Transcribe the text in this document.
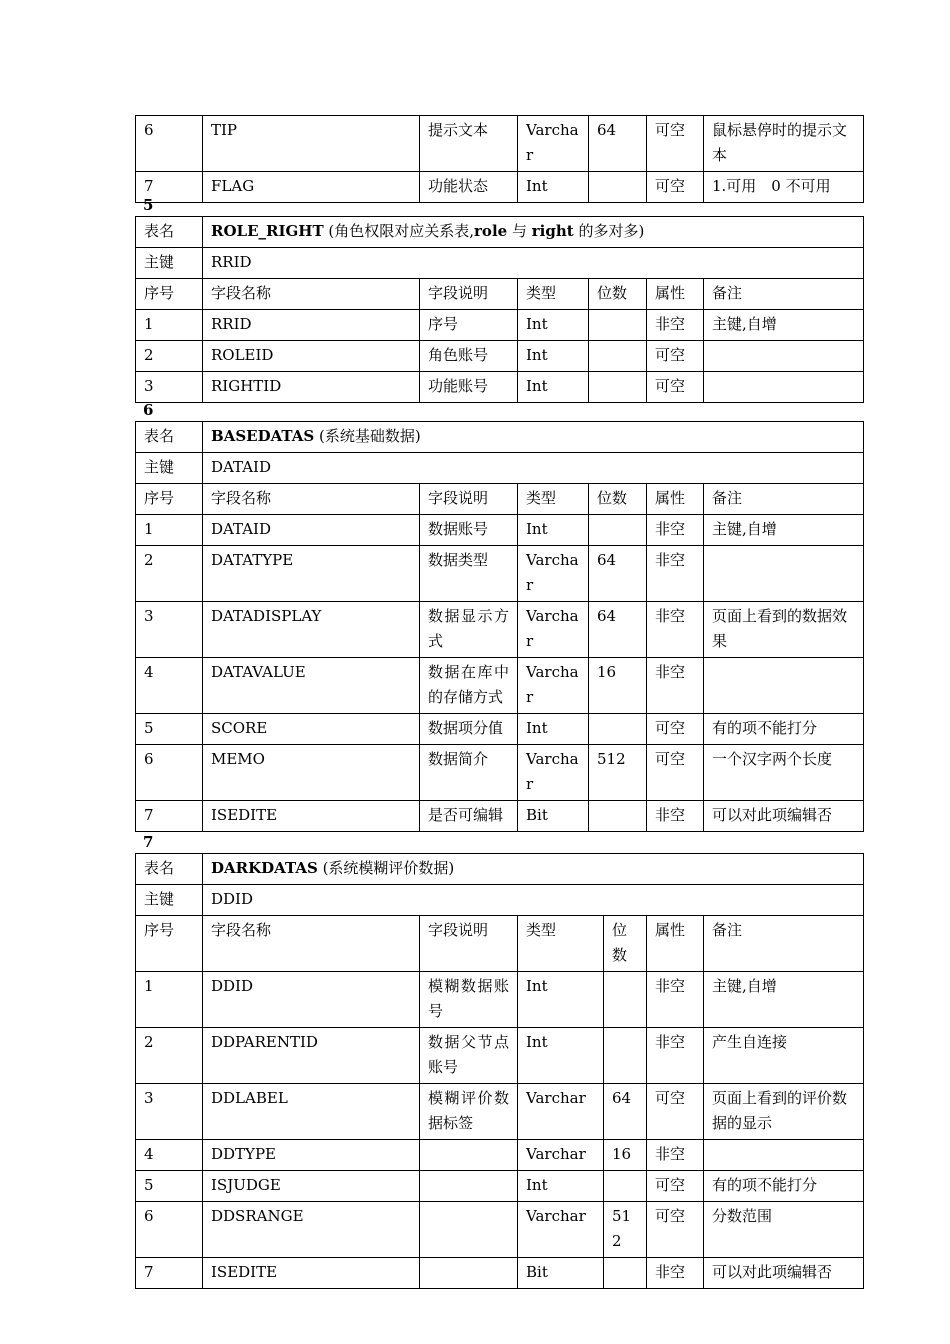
6	TIP	提示文本	Varchar	64	可空	鼠标悬停时的提示文本
7	FLAG	功能状态	Int		可空	1.可用　0 不可用
5
表名	ROLE_RIGHT (角色权限对应关系表,role 与 right 的多对多)					
主键	RRID					
序号	字段名称	字段说明	类型	位数	属性	备注
1	RRID	序号	Int		非空	主键,自增
2	ROLEID	角色账号	Int		可空	
3	RIGHTID	功能账号	Int		可空	
6
表名	BASEDATAS (系统基础数据)					
主键	DATAID					
序号	字段名称	字段说明	类型	位数	属性	备注
1	DATAID	数据账号	Int		非空	主键,自增
2	DATATYPE	数据类型	Varchar	64	非空	
3	DATADISPLAY	数据显示方式	Varchar	64	非空	页面上看到的数据效果
4	DATAVALUE	数据在库中的存储方式	Varchar	16	非空	
5	SCORE	数据项分值	Int		可空	有的项不能打分
6	MEMO	数据简介	Varchar	512	可空	一个汉字两个长度
7	ISEDITE	是否可编辑	Bit		非空	可以对此项编辑否
7
表名	DARKDATAS (系统模糊评价数据)					
主键	DDID					
序号	字段名称	字段说明	类型	位数	属性	备注
1	DDID	模糊数据账号	Int		非空	主键,自增
2	DDPARENTID	数据父节点账号	Int		非空	产生自连接
3	DDLABEL	模糊评价数据标签	Varchar	64	可空	页面上看到的评价数据的显示
4	DDTYPE		Varchar	16	非空	
5	ISJUDGE		Int		可空	有的项不能打分
6	DDSRANGE		Varchar	512	可空	分数范围
7	ISEDITE		Bit		非空	可以对此项编辑否
